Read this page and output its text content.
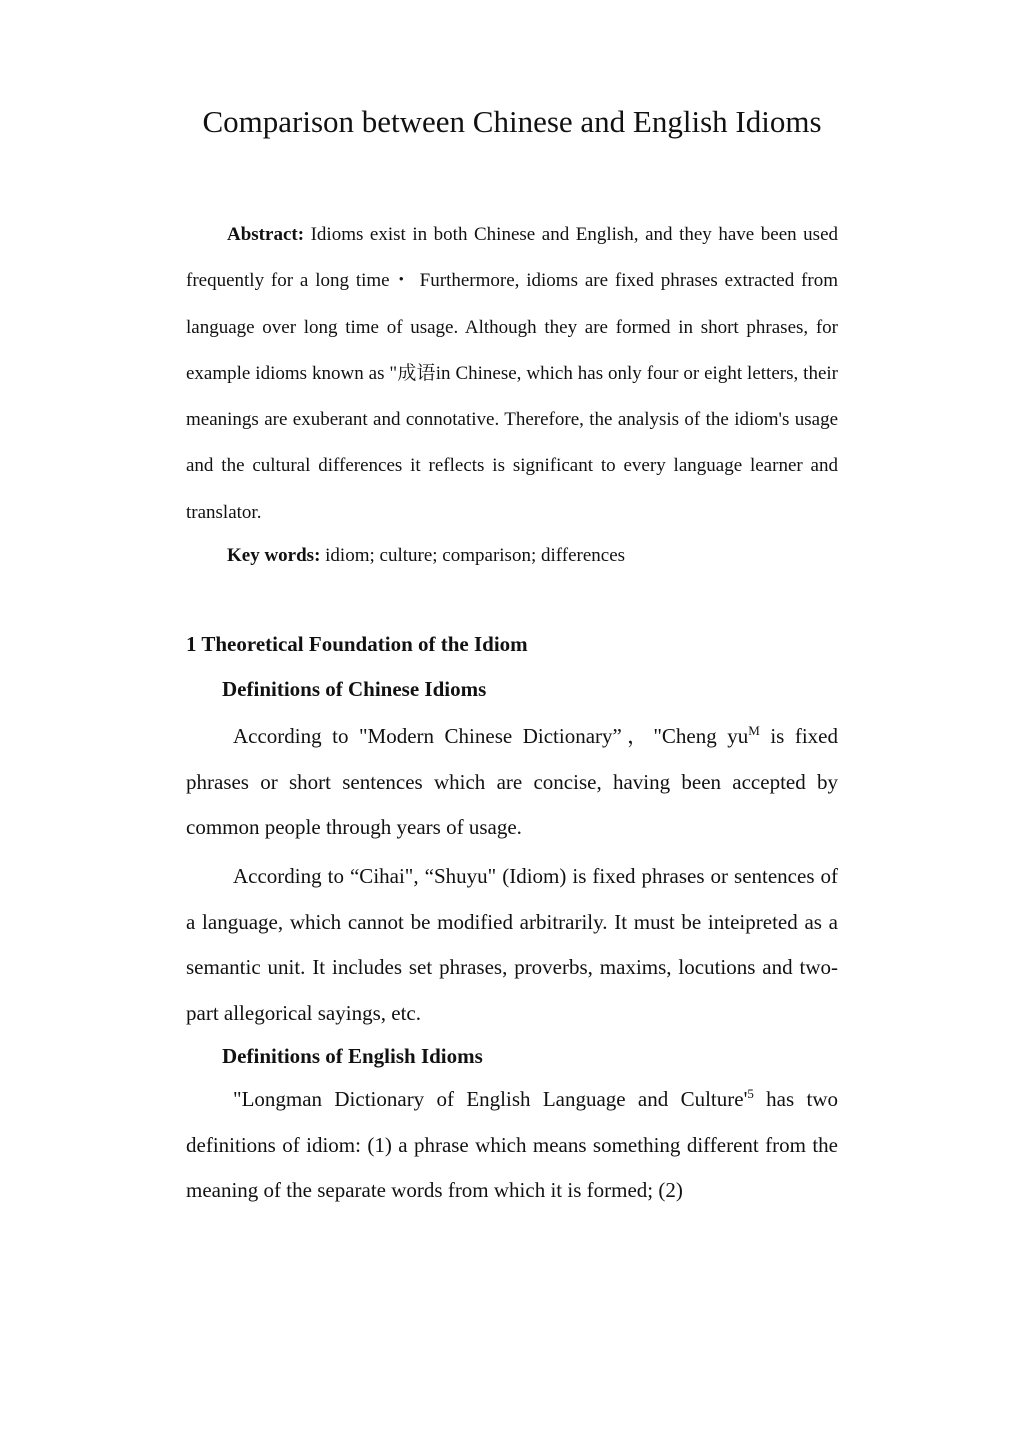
Comparison between Chinese and English Idioms

Abstract: Idioms exist in both Chinese and English, and they have been used frequently for a long time・ Furthermore, idioms are fixed phrases extracted from language over long time of usage. Although they are formed in short phrases, for example idioms known as "成语in Chinese, which has only four or eight letters, their meanings are exuberant and connotative. Therefore, the analysis of the idiom's usage and the cultural differences it reflects is significant to every language learner and translator.

Key words: idiom; culture; comparison; differences

1 Theoretical Foundation of the Idiom
Definitions of Chinese Idioms

According to "Modern Chinese Dictionary”，"Cheng $yu^M$ is fixed phrases or short sentences which are concise, having been accepted by common people through years of usage.

According to “Cihai", “Shuyu" (Idiom) is fixed phrases or sentences of a language, which cannot be modified arbitrarily. It must be inteipreted as a semantic unit. It includes set phrases, proverbs, maxims, locutions and two-part allegorical sayings, etc.

Definitions of English Idioms

"Longman Dictionary of English Language and $Culture'^5$ has two definitions of idiom: (1) a phrase which means something different from the meaning of the separate words from which it is formed; (2)
